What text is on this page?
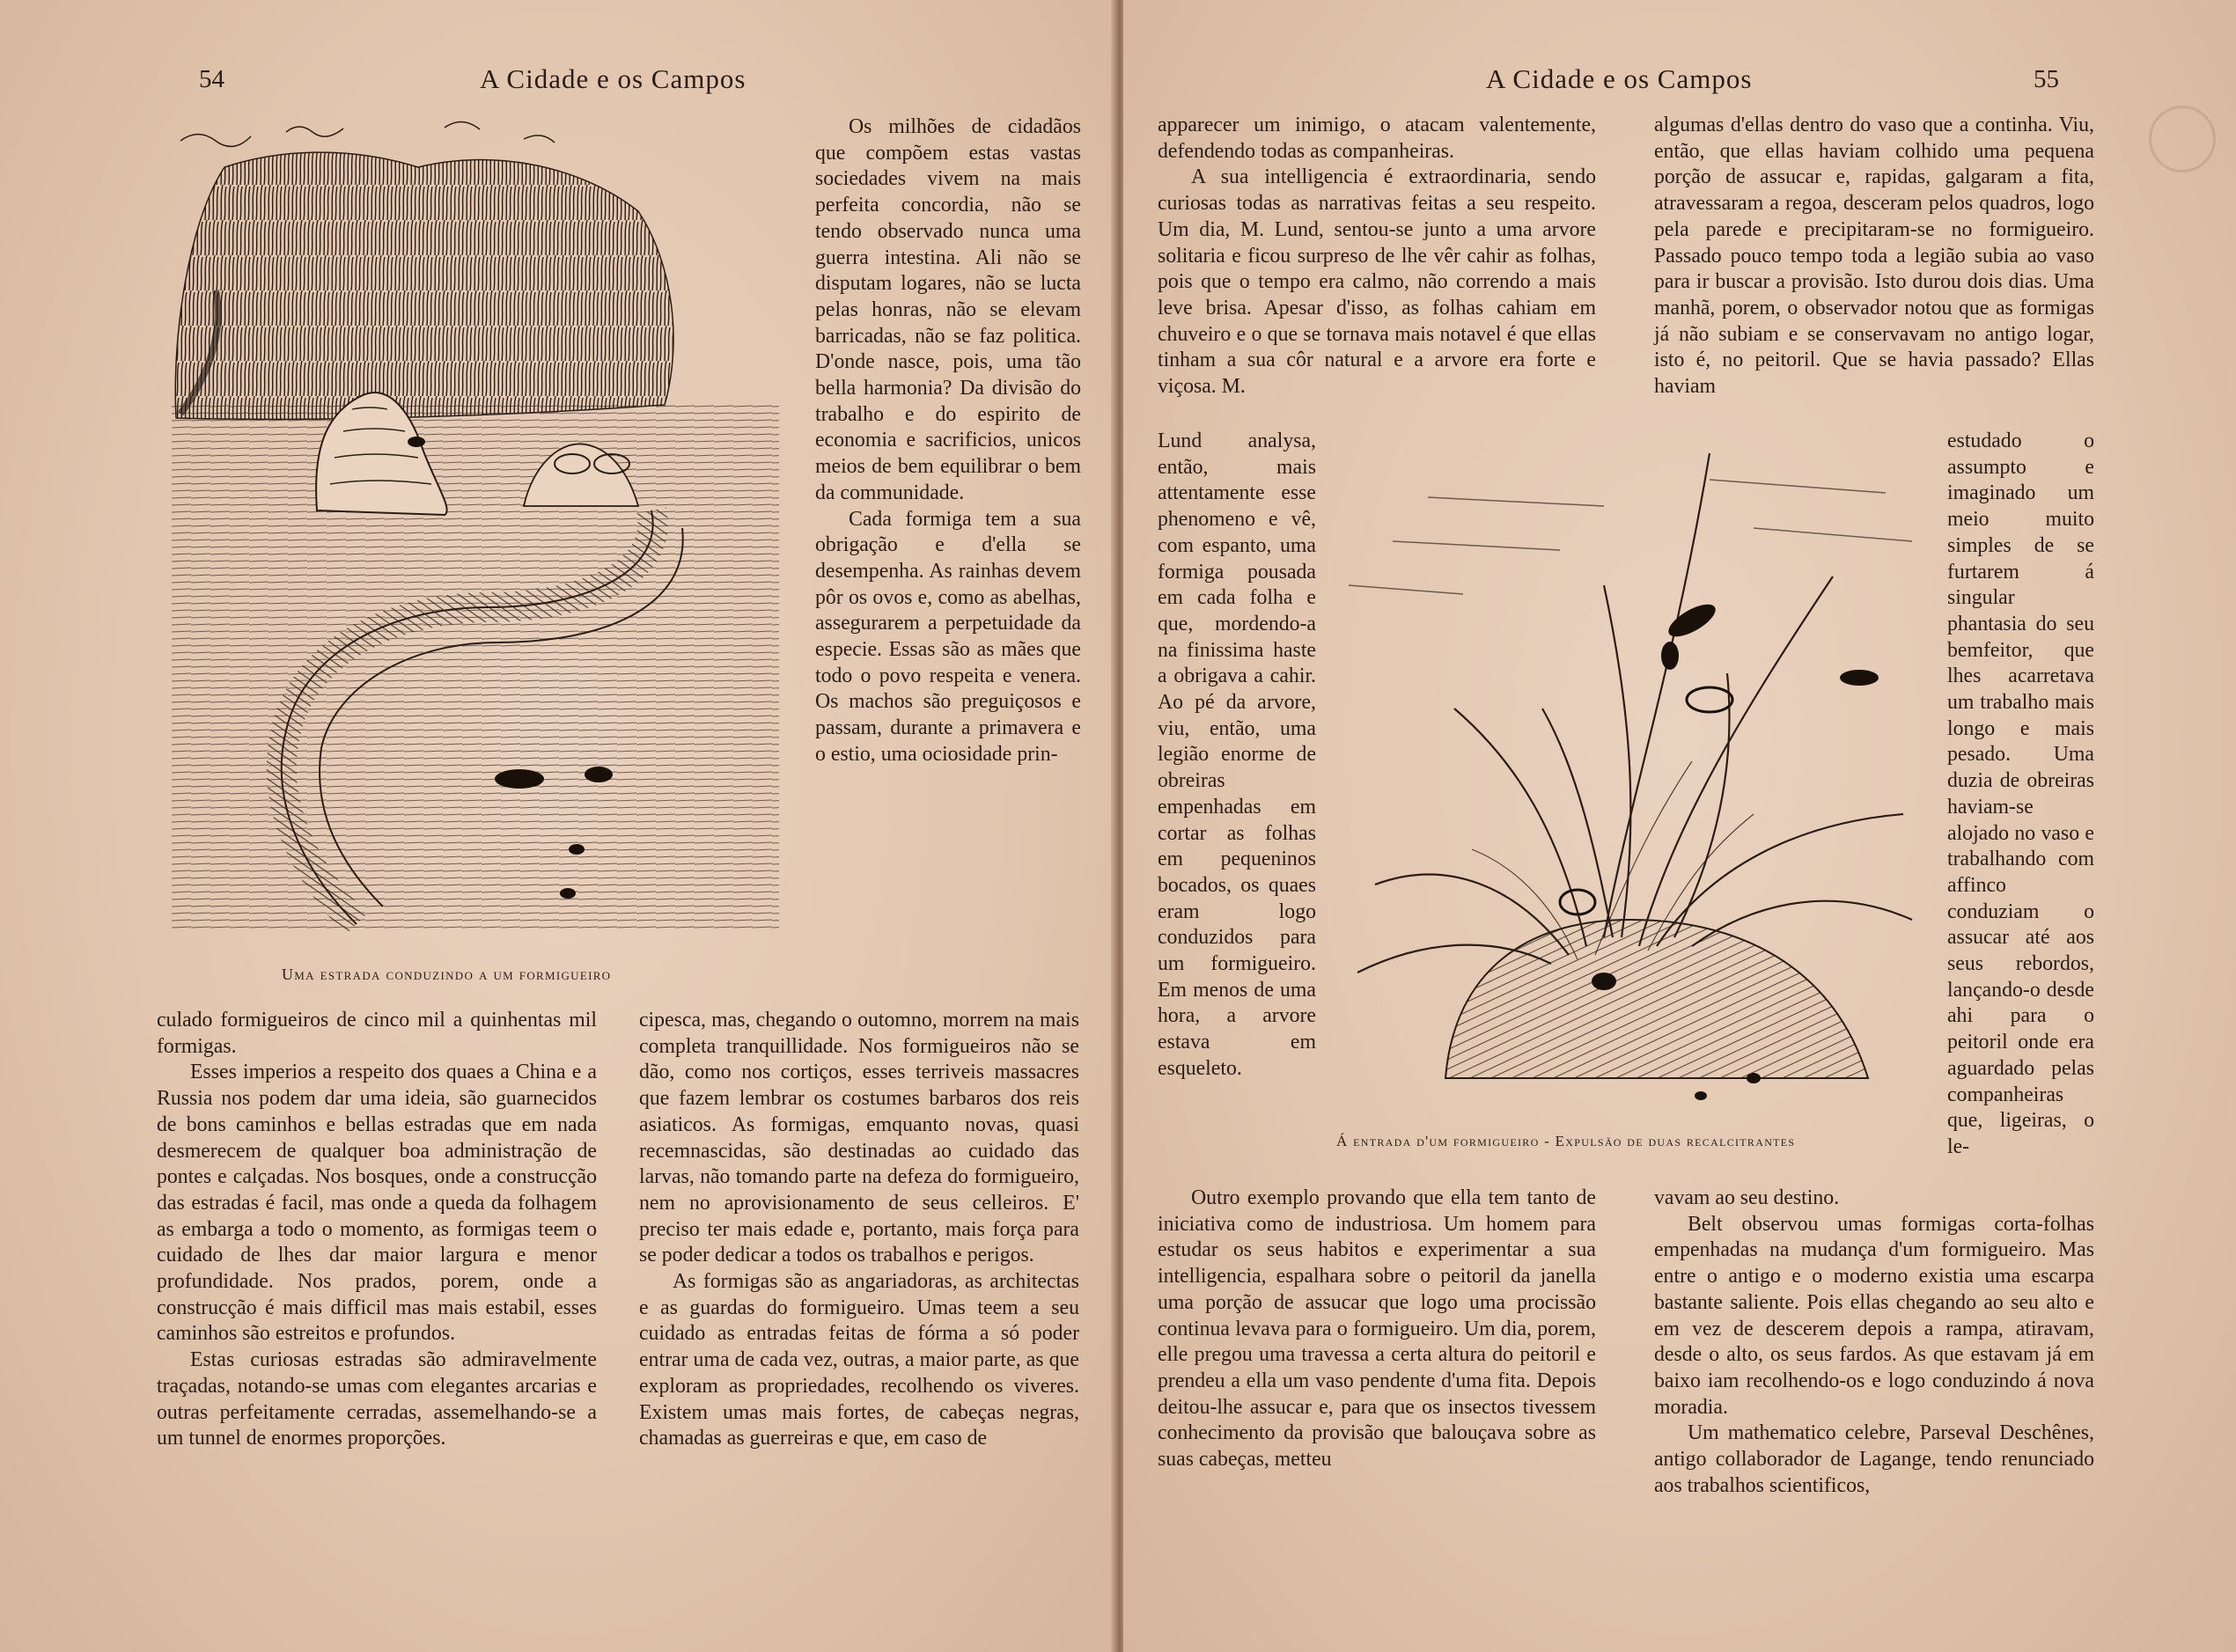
54	A Cidade e os Campos
Uma estrada conduzindo a um formigueiro

Os milhões de cidadãos que compõem estas vastas sociedades vivem na mais perfeita concordia, não se tendo observado nunca uma guerra intestina. Ali não se disputam logares, não se lucta pelas honras, não se elevam barricadas, não se faz politica. D'onde nasce, pois, uma tão bella harmonia? Da divisão do trabalho e do espirito de economia e sacrificios, unicos meios de bem equilibrar o bem da communidade.

Cada formiga tem a sua obrigação e d'ella se desempenha. As rainhas devem pôr os ovos e, como as abelhas, assegurarem a perpetuidade da especie. Essas são as mães que todo o povo respeita e venera. Os machos são preguiçosos e passam, durante a primavera e o estio, uma ociosidade prin-

culado formigueiros de cinco mil a quinhentas mil formigas.

Esses imperios a respeito dos quaes a China e a Russia nos podem dar uma ideia, são guarnecidos de bons caminhos e bellas estradas que em nada desmerecem de qualquer boa administração de pontes e calçadas. Nos bosques, onde a construcção das estradas é facil, mas onde a queda da folhagem as embarga a todo o momento, as formigas teem o cuidado de lhes dar maior largura e menor profundidade. Nos prados, porem, onde a construcção é mais difficil mas mais estabil, esses caminhos são estreitos e profundos.

Estas curiosas estradas são admiravelmente traçadas, notando-se umas com elegantes arcarias e outras perfeitamente cerradas, assemelhando-se a um tunnel de enormes proporções.

cipesca, mas, chegando o outomno, morrem na mais completa tranquillidade. Nos formigueiros não se dão, como nos cortiços, esses terriveis massacres que fazem lembrar os costumes barbaros dos reis asiaticos. As formigas, emquanto novas, quasi recemnascidas, são destinadas ao cuidado das larvas, não tomando parte na defeza do formigueiro, nem no aprovisionamento de seus celleiros. E' preciso ter mais edade e, portanto, mais força para se poder dedicar a todos os trabalhos e perigos.

As formigas são as angariadoras, as architectas e as guardas do formigueiro. Umas teem a seu cuidado as entradas feitas de fórma a só poder entrar uma de cada vez, outras, a maior parte, as que exploram as propriedades, recolhendo os viveres. Existem umas mais fortes, de cabeças negras, chamadas as guerreiras e que, em caso de

A Cidade e os Campos	55

apparecer um inimigo, o atacam valentemente, defendendo todas as companheiras.

A sua intelligencia é extraordinaria, sendo curiosas todas as narrativas feitas a seu respeito. Um dia, M. Lund, sentou-se junto a uma arvore solitaria e ficou surpreso de lhe vêr cahir as folhas, pois que o tempo era calmo, não correndo a mais leve brisa. Apesar d'isso, as folhas cahiam em chuveiro e o que se tornava mais notavel é que ellas tinham a sua côr natural e a arvore era forte e viçosa. M.

Lund analysa, então, mais attentamente esse phenomeno e vê, com espanto, uma formiga pousada em cada folha e que, mordendo-a na finissima haste a obrigava a cahir. Ao pé da arvore, viu, então, uma legião enorme de obreiras empenhadas em cortar as folhas em pequeninos bocados, os quaes eram logo conduzidos para um formigueiro. Em menos de uma hora, a arvore estava em esqueleto.

Outro exemplo provando que ella tem tanto de iniciativa como de industriosa. Um homem para estudar os seus habitos e experimentar a sua intelligencia, espalhara sobre o peitoril da janella uma porção de assucar que logo uma procissão continua levava para o formigueiro. Um dia, porem, elle pregou uma travessa a certa altura do peitoril e prendeu a ella um vaso pendente d'uma fita. Depois deitou-lhe assucar e, para que os insectos tivessem conhecimento da provisão que balouçava sobre as suas cabeças, metteu

algumas d'ellas dentro do vaso que a continha. Viu, então, que ellas haviam colhido uma pequena porção de assucar e, rapidas, galgaram a fita, atravessaram a regoa, desceram pelos quadros, logo pela parede e precipitaram-se no formigueiro. Passado pouco tempo toda a legião subia ao vaso para ir buscar a provisão. Isto durou dois dias. Uma manhã, porem, o observador notou que as formigas já não subiam e se conservavam no antigo logar, isto é, no peitoril. Que se havia passado? Ellas haviam

estudado o assumpto e imaginado um meio muito simples de se furtarem á singular phantasia do seu bemfeitor, que lhes acarretava um trabalho mais longo e mais pesado. Uma duzia de obreiras haviam-se alojado no vaso e trabalhando com affinco conduziam o assucar até aos seus rebordos, lançando-o desde ahi para o peitoril onde era aguardado pelas companheiras que, ligeiras, o le-

vavam ao seu destino.

Belt observou umas formigas corta-folhas empenhadas na mudança d'um formigueiro. Mas entre o antigo e o moderno existia uma escarpa bastante saliente. Pois ellas chegando ao seu alto e em vez de descerem depois a rampa, atiravam, desde o alto, os seus fardos. As que estavam já em baixo iam recolhendo-os e logo conduzindo á nova moradia.

Um mathematico celebre, Parseval Deschênes, antigo collaborador de Lagange, tendo renunciado aos trabalhos scientificos,

Á entrada d'um formigueiro - Expulsão de duas recalcitrantes
